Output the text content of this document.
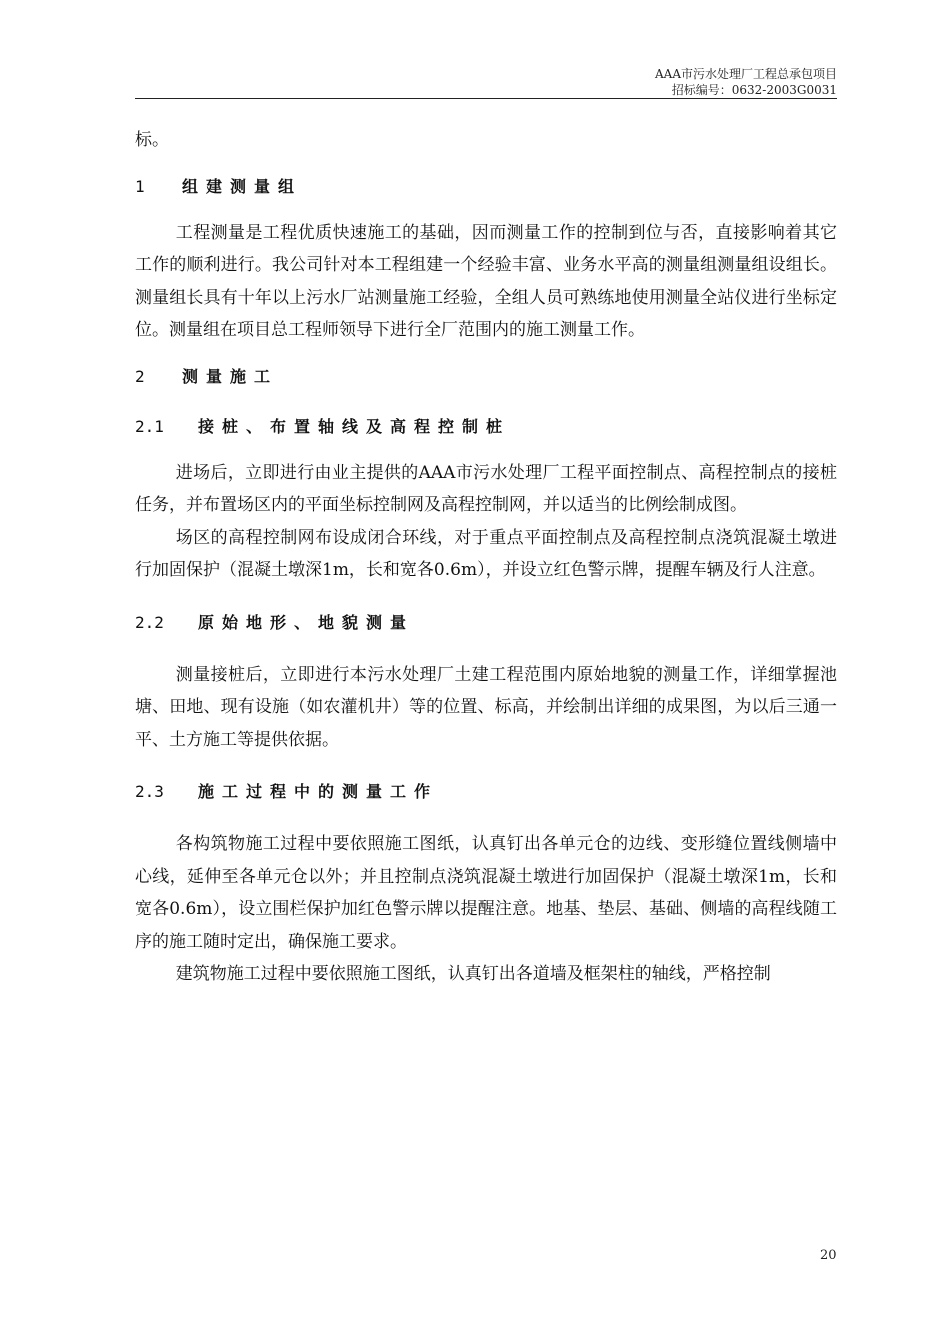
AAA市污水处理厂工程总承包项目
招标编号：0632-2003G0031

标。

1	组建测量组

工程测量是工程优质快速施工的基础，因而测量工作的控制到位与否，直接影响着其它工作的顺利进行。我公司针对本工程组建一个经验丰富、业务水平高的测量组测量组设组长。测量组长具有十年以上污水厂站测量施工经验，全组人员可熟练地使用测量全站仪进行坐标定位。测量组在项目总工程师领导下进行全厂范围内的施工测量工作。

2	测量施工
2.1	接桩、布置轴线及高程控制桩

进场后，立即进行由业主提供的AAA市污水处理厂工程平面控制点、高程控制点的接桩任务，并布置场区内的平面坐标控制网及高程控制网，并以适当的比例绘制成图。

场区的高程控制网布设成闭合环线，对于重点平面控制点及高程控制点浇筑混凝土墩进行加固保护（混凝土墩深1m，长和宽各0.6m），并设立红色警示牌，提醒车辆及行人注意。

2.2	原始地形、地貌测量

测量接桩后，立即进行本污水处理厂土建工程范围内原始地貌的测量工作，详细掌握池塘、田地、现有设施（如农灌机井）等的位置、标高，并绘制出详细的成果图，为以后三通一平、土方施工等提供依据。

2.3	施工过程中的测量工作

各构筑物施工过程中要依照施工图纸，认真钉出各单元仓的边线、变形缝位置线侧墙中心线，延伸至各单元仓以外；并且控制点浇筑混凝土墩进行加固保护（混凝土墩深1m，长和宽各0.6m），设立围栏保护加红色警示牌以提醒注意。地基、垫层、基础、侧墙的高程线随工序的施工随时定出，确保施工要求。

建筑物施工过程中要依照施工图纸，认真钉出各道墙及框架柱的轴线，严格控制

20
